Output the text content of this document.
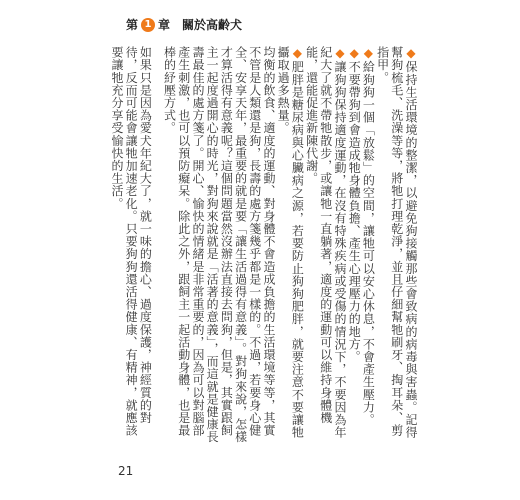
第 1 章 關於高齡犬

◆保持生活環境的整潔，以避免狗接觸那些會致病的病毒與害蟲。記得幫狗梳毛、洗澡等等，將牠打理乾淨，並且仔細幫牠刷牙、掏耳朵、剪指甲。

◆給狗狗一個「放鬆」的空間，讓牠可以安心休息，不會產生壓力。

◆不要帶狗到會造成牠身體負擔、產生心理壓力的地方。

◆讓狗狗保持適度運動，在沒有特殊疾病或受傷的情況下，不要因為年紀大了就不帶牠散步，或讓牠一直躺著，適度的運動可以維持身體機能，還能促進新陳代謝。

◆肥胖是糖尿病與心臟病之源，若要防止狗狗肥胖，就要注意不要讓牠攝取過多熱量。

均衡的飲食、適度的運動、對身體不會造成負擔的生活環境等等，其實不管是人類還是狗，長壽的處方箋幾乎都是一樣的。不過，若要身心健全、安享天年，最重要的就是要「讓生活過得有意義」。對狗來說，怎樣才算活得有意義呢？這個問題當然沒辦法直接去問狗，但是，其實跟飼主一起度過開心的時光，對狗來說就是「活著的意義」，而這就是健康長壽最佳的處方箋了。開心、愉快的情緒是非常重要的，因為可以對腦部產生刺激，也可以預防癡呆。除此之外，跟飼主一起活動身體，也是最棒的紓壓方式。

如果只是因為愛犬年紀大了，就一味的擔心、過度保護，神經質的對待，反而可能會讓牠加速老化。只要狗狗還活得健康、有精神，就應該要讓牠充分享受愉快的生活。

21
